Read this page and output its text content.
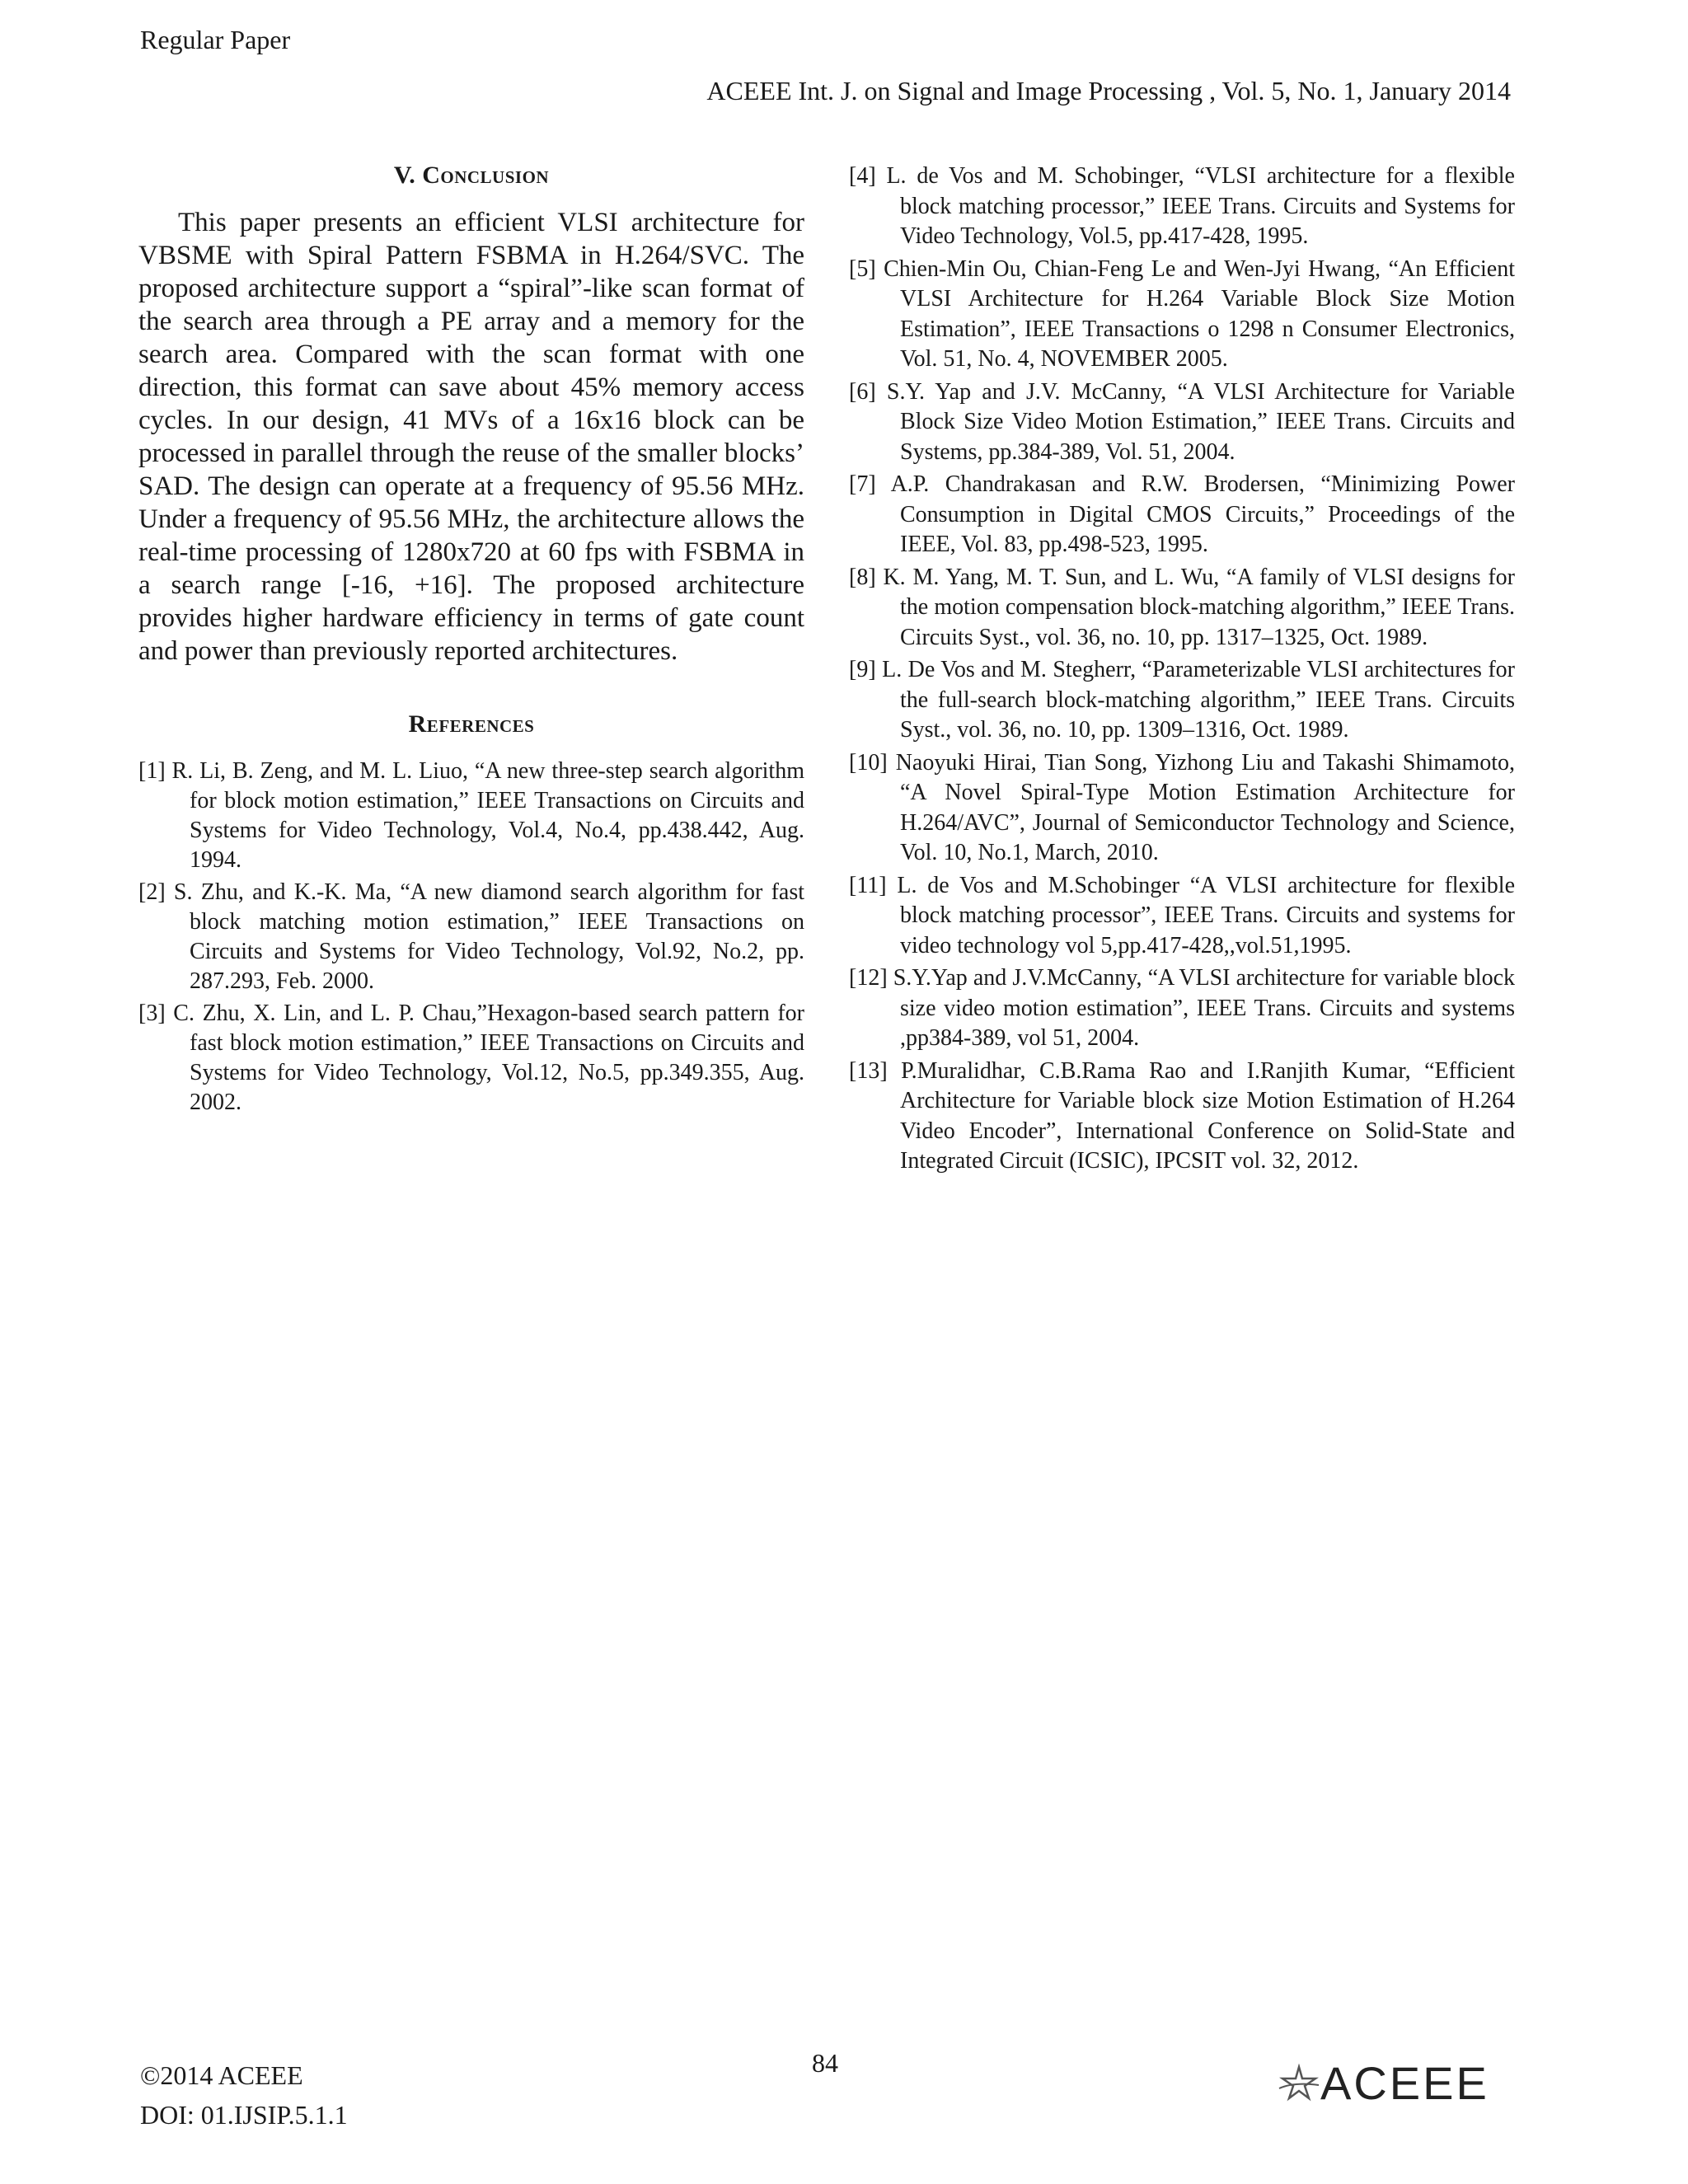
Regular Paper
ACEEE Int. J. on Signal and Image Processing , Vol. 5, No. 1, January 2014
V. Conclusion

This paper presents an efficient VLSI architecture for VBSME with Spiral Pattern FSBMA in H.264/SVC. The proposed architecture support a “spiral”-like scan format of the search area through a PE array and a memory for the search area. Compared with the scan format with one direction, this format can save about 45% memory access cycles. In our design, 41 MVs of a 16x16 block can be processed in parallel through the reuse of the smaller blocks’ SAD. The design can operate at a frequency of 95.56 MHz. Under a frequency of 95.56 MHz, the architecture allows the real-time processing of 1280x720 at 60 fps with FSBMA in a search range [-16, +16]. The proposed architecture provides higher hardware efficiency in terms of gate count and power than previously reported architectures.

References

[1] R. Li, B. Zeng, and M. L. Liuo, “A new three-step search algorithm for block motion estimation,” IEEE Transactions on Circuits and Systems for Video Technology, Vol.4, No.4, pp.438.442, Aug. 1994.

[2] S. Zhu, and K.-K. Ma, “A new diamond search algorithm for fast block matching motion estimation,” IEEE Transactions on Circuits and Systems for Video Technology, Vol.92, No.2, pp. 287.293, Feb. 2000.

[3] C. Zhu, X. Lin, and L. P. Chau,”Hexagon-based search pattern for fast block motion estimation,” IEEE Transactions on Circuits and Systems for Video Technology, Vol.12, No.5, pp.349.355, Aug. 2002.

[4] L. de Vos and M. Schobinger, “VLSI architecture for a flexible block matching processor,” IEEE Trans. Circuits and Systems for Video Technology, Vol.5, pp.417-428, 1995.

[5] Chien-Min Ou, Chian-Feng Le and Wen-Jyi Hwang, “An Efficient VLSI Architecture for H.264 Variable Block Size Motion Estimation”, IEEE Transactions o 1298 n Consumer Electronics, Vol. 51, No. 4, NOVEMBER 2005.

[6] S.Y. Yap and J.V. McCanny, “A VLSI Architecture for Variable Block Size Video Motion Estimation,” IEEE Trans. Circuits and Systems, pp.384-389, Vol. 51, 2004.

[7] A.P. Chandrakasan and R.W. Brodersen, “Minimizing Power Consumption in Digital CMOS Circuits,” Proceedings of the IEEE, Vol. 83, pp.498-523, 1995.

[8] K. M. Yang, M. T. Sun, and L. Wu, “A family of VLSI designs for the motion compensation block-matching algorithm,” IEEE Trans. Circuits Syst., vol. 36, no. 10, pp. 1317–1325, Oct. 1989.

[9] L. De Vos and M. Stegherr, “Parameterizable VLSI architectures for the full-search block-matching algorithm,” IEEE Trans. Circuits Syst., vol. 36, no. 10, pp. 1309–1316, Oct. 1989.

[10] Naoyuki Hirai, Tian Song, Yizhong Liu and Takashi Shimamoto, “A Novel Spiral-Type Motion Estimation Architecture for H.264/AVC”, Journal of Semiconductor Technology and Science, Vol. 10, No.1, March, 2010.

[11] L. de Vos and M.Schobinger “A VLSI architecture for flexible block matching processor”, IEEE Trans. Circuits and systems for video technology vol 5,pp.417-428,,vol.51,1995.

[12] S.Y.Yap and J.V.McCanny, “A VLSI architecture for variable block size video motion estimation”, IEEE Trans. Circuits and systems ,pp384-389, vol 51, 2004.

[13] P.Muralidhar, C.B.Rama Rao and I.Ranjith Kumar, “Efficient Architecture for Variable block size Motion Estimation of H.264 Video Encoder”, International Conference on Solid-State and Integrated Circuit (ICSIC), IPCSIT vol. 32, 2012.

©2014 ACEEE
DOI: 01.IJSIP.5.1.1
84	ACEEE
